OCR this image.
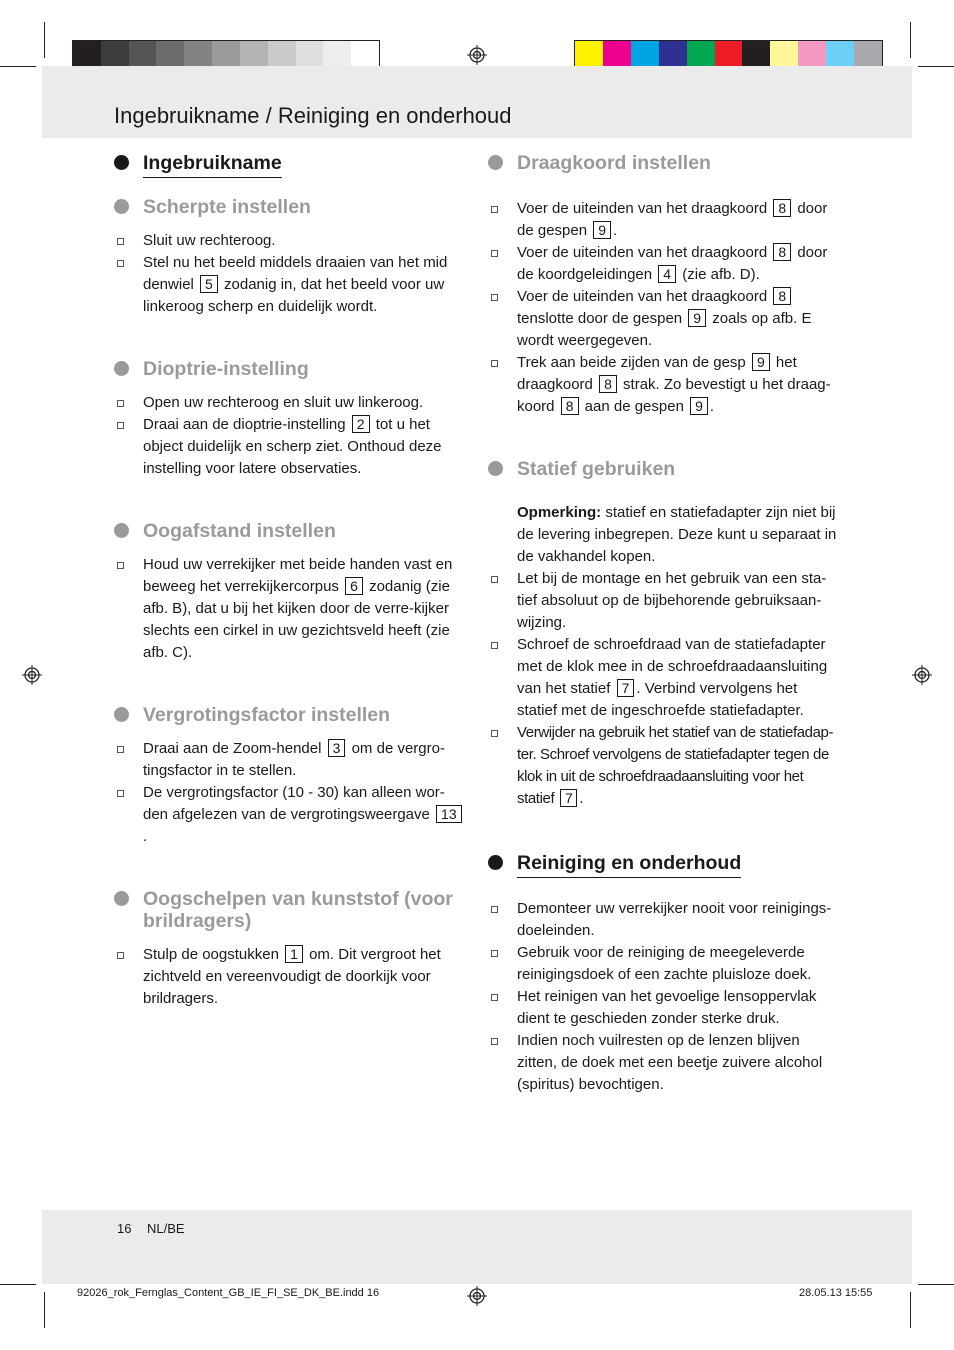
Ingebruikname / Reiniging en onderhoud
Ingebruikname
Scherpte instellen
Sluit uw rechteroog.
Stel nu het beeld middels draaien van het mid denwiel 5 zodanig in, dat het beeld voor uw linkeroog scherp en duidelijk wordt.
Dioptrie-instelling
Open uw rechteroog en sluit uw linkeroog.
Draai aan de dioptrie-instelling 2 tot u het object duidelijk en scherp ziet. Onthoud deze instelling voor latere observaties.
Oogafstand instellen
Houd uw verrekijker met beide handen vast en beweeg het verrekijkercorpus 6 zodanig (zie afb. B), dat u bij het kijken door de verre-kijker slechts een cirkel in uw gezichtsveld heeft (zie afb. C).
Vergrotingsfactor instellen
Draai aan de Zoom-hendel 3 om de vergro-tingsfactor in te stellen.
De vergrotingsfactor (10 - 30) kan alleen wor-den afgelezen van de vergrotingsweergave 13.
Oogschelpen van kunststof (voor brildragers)
Stulp de oogstukken 1 om. Dit vergroot het zichtveld en vereenvoudigt de doorkijk voor brildragers.
Draagkoord instellen
Voer de uiteinden van het draagkoord 8 door de gespen 9 .
Voer de uiteinden van het draagkoord 8 door de koordgeleidingen 4 (zie afb. D).
Voer de uiteinden van het draagkoord 8 tenslotte door de gespen 9 zoals op afb. E wordt weergegeven.
Trek aan beide zijden van de gesp 9 het draagkoord 8 strak. Zo bevestigt u het draag-koord 8 aan de gespen 9 .
Statief gebruiken
Opmerking: statief en statiefadapter zijn niet bij de levering inbegrepen. Deze kunt u separaat in de vakhandel kopen.
Let bij de montage en het gebruik van een sta-tief absoluut op de bijbehorende gebruiksaan-wijzing.
Schroef de schroefdraad van de statiefadapter met de klok mee in de schroefdraadaansluiting van het statief 7 . Verbind vervolgens het statief met de ingeschroefde statiefadapter.
Verwijder na gebruik het statief van de statiefadap-ter. Schroef vervolgens de statiefadapter tegen de klok in uit de schroefdraadaansluiting voor het statief 7 .
Reiniging en onderhoud
Demonteer uw verrekijker nooit voor reinigings-doeleinden.
Gebruik voor de reiniging de meegeleverde reinigingsdoek of een zachte pluisloze doek.
Het reinigen van het gevoelige lensoppervlak dient te geschieden zonder sterke druk.
Indien noch vuilresten op de lenzen blijven zitten, de doek met een beetje zuivere alcohol (spiritus) bevochtigen.
16 NL/BE
92026_rok_Fernglas_Content_GB_IE_FI_SE_DK_BE.indd 16	28.05.13 15:55
